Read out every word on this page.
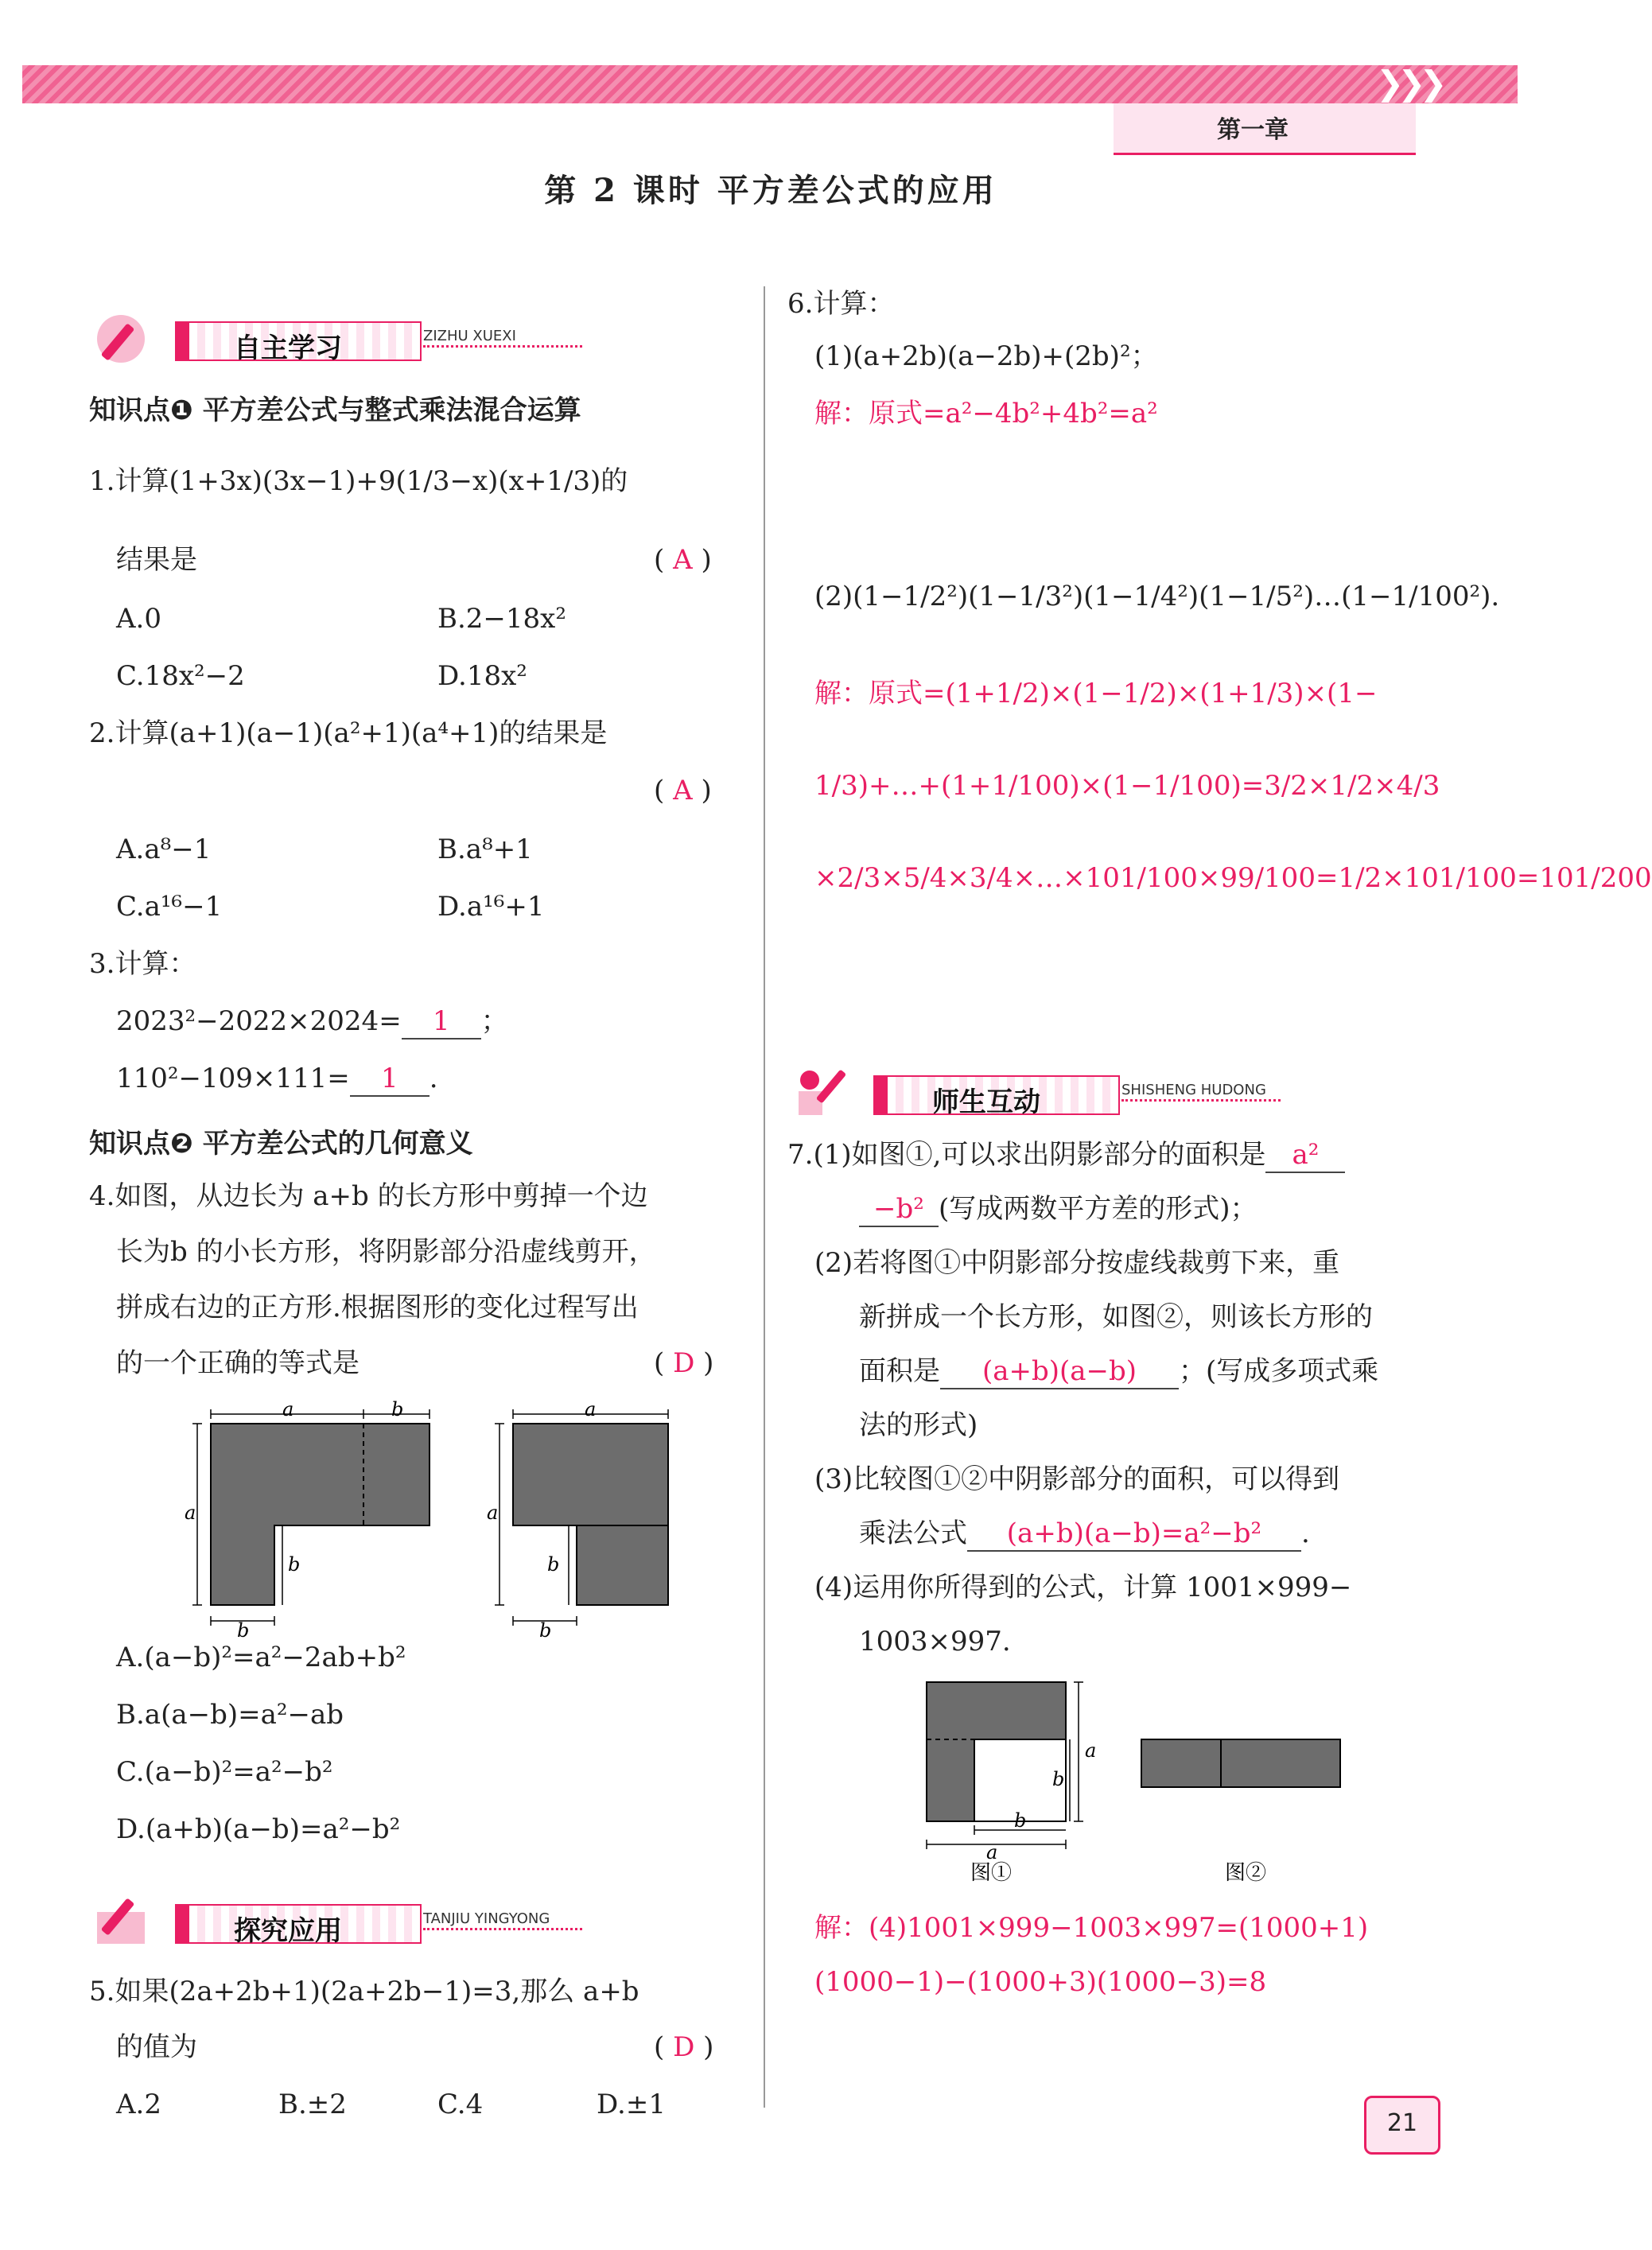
❯❯❯
第一章
第 2 课时 平方差公式的应用
自主学习	ZIZHU XUEXI
知识点❶ 平方差公式与整式乘法混合运算
1.计算(1+3x)(3x−1)+9(1/3−x)(x+1/3)的
结果是	( A )
A.0	B.2−18x²
C.18x²−2	D.18x²
2.计算(a+1)(a−1)(a²+1)(a⁴+1)的结果是
( A )
A.a⁸−1	B.a⁸+1
C.a¹⁶−1	D.a¹⁶+1
3.计算：
2023²−2022×2024= 1 ；
110²−109×111= 1 .
知识点❷ 平方差公式的几何意义
4.如图，从边长为 a+b 的长方形中剪掉一个边
长为b 的小长方形，将阴影部分沿虚线剪开，
拼成右边的正方形.根据图形的变化过程写出
的一个正确的等式是	( D )
a	b
a
b
b
a
a
b
b
A.(a−b)²=a²−2ab+b²
B.a(a−b)=a²−ab
C.(a−b)²=a²−b²
D.(a+b)(a−b)=a²−b²
探究应用	TANJIU YINGYONG
5.如果(2a+2b+1)(2a+2b−1)=3,那么 a+b
的值为	( D )
A.2	B.±2	C.4	D.±1
6.计算：
(1)(a+2b)(a−2b)+(2b)²；
解：原式=a²−4b²+4b²=a²
(2)(1−1/2²)(1−1/3²)(1−1/4²)(1−1/5²)…(1−1/100²).
解：原式=(1+1/2)×(1−1/2)×(1+1/3)×(1−
1/3)+…+(1+1/100)×(1−1/100)=3/2×1/2×4/3
×2/3×5/4×3/4×…×101/100×99/100=1/2×101/100=101/200
师生互动	SHISHENG HUDONG
7.(1)如图①,可以求出阴影部分的面积是 a²
−b² (写成两数平方差的形式)；
(2)若将图①中阴影部分按虚线裁剪下来，重
新拼成一个长方形，如图②，则该长方形的
面积是 (a+b)(a−b) ；(写成多项式乘
法的形式)
(3)比较图①②中阴影部分的面积，可以得到
乘法公式 (a+b)(a−b)=a²−b² .
(4)运用你所得到的公式，计算 1001×999−
1003×997.
a
b
b
a
图①	图②
解：(4)1001×999−1003×997=(1000+1)
(1000−1)−(1000+3)(1000−3)=8
21
